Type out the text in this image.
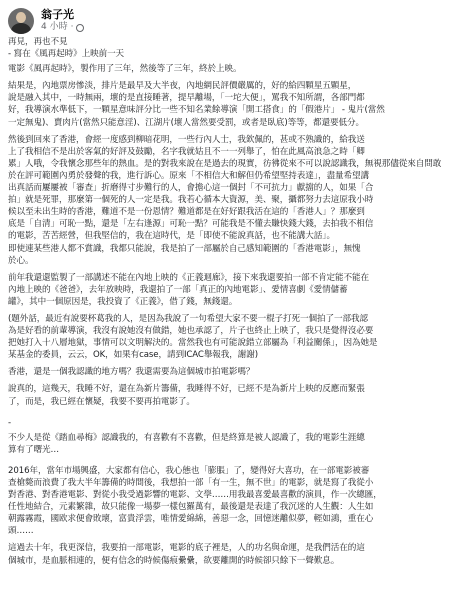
翁子光
4 小時 ·
再見，再也不見
- 寫在《風再起時》上映前一天
電影《風再起時》，製作用了三年，然後等了三年，終於上映。
結果是，內地票房慘淡，排片是最早及大半夜，內地網民評價嚴厲的，好的給四顆星五顆星，
說是融入其中，一時無兩，壞的是直接睡著，提早離場，「一坨大便」，罵我不知所謂，各部門都
好，我導演水準低下，一顆星意味評分比一些不知名業餘導演「開工搭食」的「假港片」 - 鬼片(當然
一定無鬼)、賣肉片(當然只能意淫)、江湖片(壞人當然要受罰，或者是臥底)等等，都還要低分。
然後到回來了香港，會經一度感到柳暗花明，一些行內人士，我欽佩的，甚或不熟識的，給我送
上了我相信不是出於客氣的好評及鼓勵，名字我就姑且不一一列舉了，怕在此風高浪急之時「卿
累」人哦，令我懷念那些年的熱血。是的對我來說在是過去的現實，彷彿從來不可以說認識我，無視那儘從來自問敢
於在評可範圍內勇於發聲的我，進行訴心。原來「不相信大和解但仍希望堅持表達」，盡量希望講
出真話而屢屢被「審查」折磨得寸步難行的人，會擔心這一個封「不可抗力」獻擋的人，如果「合
拍」就是死罪，那麼第一個死的人一定是我。我若心循本大資源，美、聚，攝都努力去這原我小時
候以至未出生時的香港，難道不是一份恩情？難道都是在好好跟我活在這的「香港人」？那麼到
底是「自清」可恥一點，還是「左右逢源」可恥一點？可能我是不懂去賺快錢大錢，去拍我不相信
的電影，苦苦經營，但我堅信的，我在這時代，是「即使不能說真話，也不能講大話」。
即使連某些港人都不賞識，我都只能說，我是拍了一部屬於自己感知範圍的「香港電影」，無愧
於心。
前年我還還監製了一部講述不能在內地上映的《正義迴廊》，接下來我還要拍一部不肯定能不能在
內地上映的《爸爸》，去年放映時，我還拍了一部「真正的內地電影」、愛情喜劇《愛情儲蓄
罐》，其中一個原因是，我投資了《正義》，借了錢，無錢還。
(題外話，最近有說要杯葛我的人，是因為我說了一句希望大家不要一棍子打死一個拍了一部我認
為是好看的前輩導演，我沒有說她沒有做錯，她也承認了，片子也終止上映了，我只是覺得沒必要
把她打入十八層地獄，事情可以文明解決的。當然我也有可能說錯立部屬為「利益關係」，因為她是
某基金的委員，云云，OK，如果有case，請到ICAC舉報我，謝謝)
香港，還是一個我認識的地方嗎？我還需要為這個城市拍電影嗎？
說真的，這幾天，我睡不好，還在為新片籌備，我睡得不好，已經不是為新片上映的反應而緊張
了，而是，我已經在懷疑，我要不要再拍電影了。
-
不少人是從《踏血尋梅》認識我的，有喜歡有不喜歡，但是終算是被人認識了，我的電影生涯總
算有了曙光…
2016年，當年市場興盛，大家都有信心，我心態也「膨脹」了，變得好大喜功，在一部電影被審
查槍斃而浪費了我大半年籌備的時間後，我想拍一部「有一生，無不世」的電影，就是寫了我從小
對香港、對香港電影、對從小我受過影響的電影、文學……用我最喜愛最喜歡的演員，作一次總匯，
任性地結合，元素繁雜，故只能像一場夢一樣包羅萬有，最後還是表達了我沉迷的人生觀：人生如
朝露霧霞，國欧求便會敗壞，富貴浮雲，唯情愛綿綿，善惡一念，回憶迷離似夢，輕如鴻，重在心
頭……
這過去十年，我更深信，我要拍一部電影，電影的底子裡是，人的功名與命運，是我們活在的這
個城市，是血脈相連的，便有信念的時候傷痕纍纍，欲要離開的時候卻只餘下一聲歎息。
